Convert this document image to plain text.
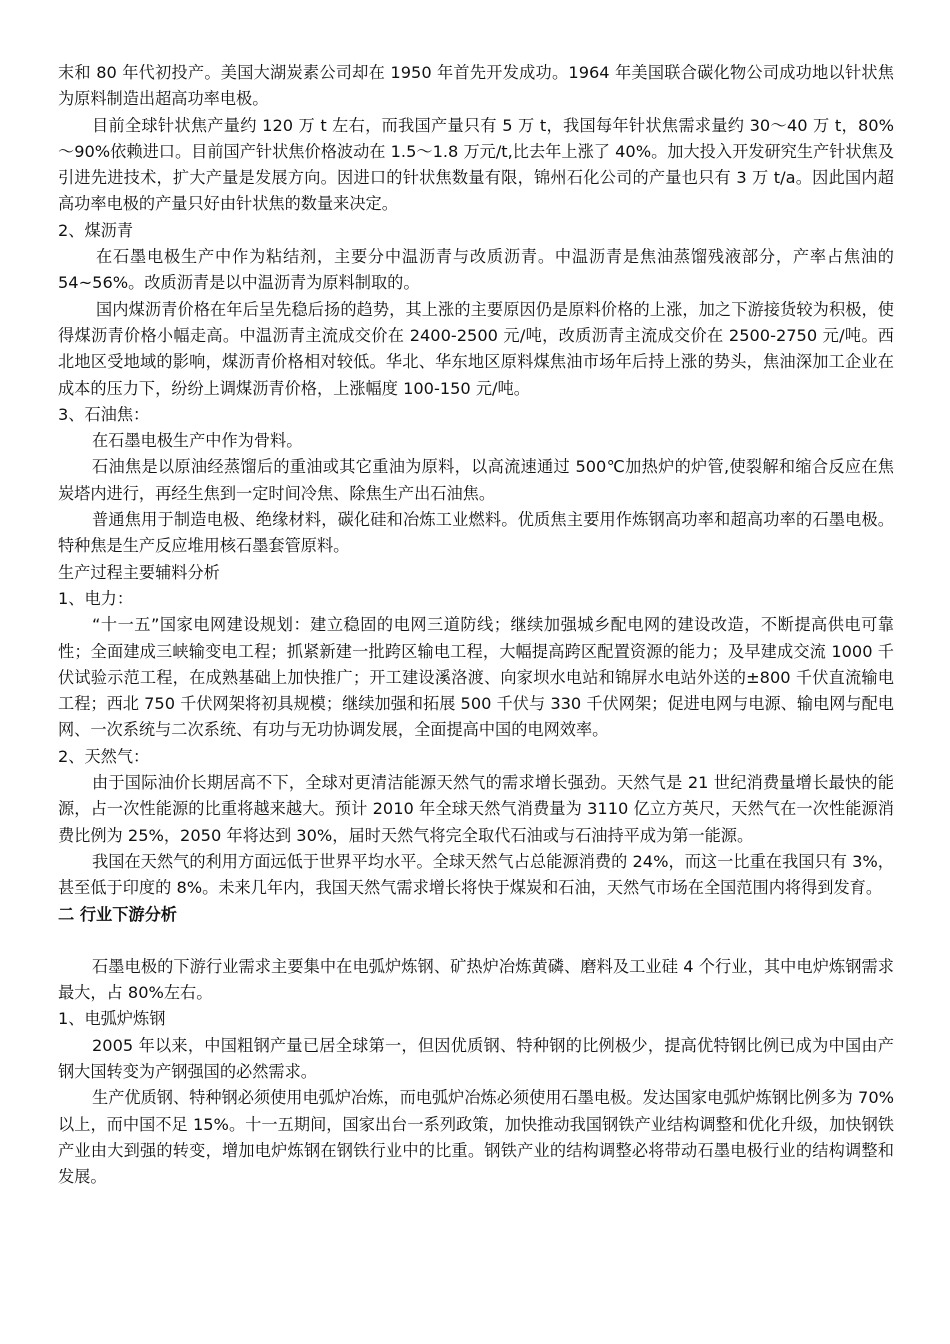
末和 80 年代初投产。美国大湖炭素公司却在 1950 年首先开发成功。1964 年美国联合碳化物公司成功地以针状焦为原料制造出超高功率电极。

目前全球针状焦产量约 120 万 t 左右，而我国产量只有 5 万 t，我国每年针状焦需求量约 30～40 万 t，80%～90%依赖进口。目前国产针状焦价格波动在 1.5～1.8 万元/t,比去年上涨了 40%。加大投入开发研究生产针状焦及引进先进技术，扩大产量是发展方向。因进口的针状焦数量有限，锦州石化公司的产量也只有 3 万 t/a。因此国内超高功率电极的产量只好由针状焦的数量来决定。

2、煤沥青

在石墨电极生产中作为粘结剂，主要分中温沥青与改质沥青。中温沥青是焦油蒸馏残液部分，产率占焦油的 54~56%。改质沥青是以中温沥青为原料制取的。

国内煤沥青价格在年后呈先稳后扬的趋势，其上涨的主要原因仍是原料价格的上涨，加之下游接货较为积极，使得煤沥青价格小幅走高。中温沥青主流成交价在 2400-2500 元/吨，改质沥青主流成交价在 2500-2750 元/吨。西北地区受地域的影响，煤沥青价格相对较低。华北、华东地区原料煤焦油市场年后持上涨的势头，焦油深加工企业在成本的压力下，纷纷上调煤沥青价格，上涨幅度 100-150 元/吨。

3、石油焦：

在石墨电极生产中作为骨料。

石油焦是以原油经蒸馏后的重油或其它重油为原料，以高流速通过 500℃加热炉的炉管,使裂解和缩合反应在焦炭塔内进行，再经生焦到一定时间冷焦、除焦生产出石油焦。

普通焦用于制造电极、绝缘材料，碳化硅和冶炼工业燃料。优质焦主要用作炼钢高功率和超高功率的石墨电极。特种焦是生产反应堆用核石墨套管原料。

生产过程主要辅料分析

1、电力：

“十一五”国家电网建设规划：建立稳固的电网三道防线；继续加强城乡配电网的建设改造，不断提高供电可靠性；全面建成三峡输变电工程；抓紧新建一批跨区输电工程，大幅提高跨区配置资源的能力；及早建成交流 1000 千伏试验示范工程，在成熟基础上加快推广；开工建设溪洛渡、向家坝水电站和锦屏水电站外送的±800 千伏直流输电工程；西北 750 千伏网架将初具规模；继续加强和拓展 500 千伏与 330 千伏网架；促进电网与电源、输电网与配电网、一次系统与二次系统、有功与无功协调发展，全面提高中国的电网效率。

2、天然气：

由于国际油价长期居高不下，全球对更清洁能源天然气的需求增长强劲。天然气是 21 世纪消费量增长最快的能源，占一次性能源的比重将越来越大。预计 2010 年全球天然气消费量为 3110 亿立方英尺，天然气在一次性能源消费比例为 25%，2050 年将达到 30%，届时天然气将完全取代石油或与石油持平成为第一能源。

我国在天然气的利用方面远低于世界平均水平。全球天然气占总能源消费的 24%，而这一比重在我国只有 3%，甚至低于印度的 8%。未来几年内，我国天然气需求增长将快于煤炭和石油，天然气市场在全国范围内将得到发育。

二 行业下游分析

石墨电极的下游行业需求主要集中在电弧炉炼钢、矿热炉冶炼黄磷、磨料及工业硅 4 个行业，其中电炉炼钢需求最大，占 80%左右。

1、电弧炉炼钢

2005 年以来，中国粗钢产量已居全球第一，但因优质钢、特种钢的比例极少，提高优特钢比例已成为中国由产钢大国转变为产钢强国的必然需求。

生产优质钢、特种钢必须使用电弧炉冶炼，而电弧炉冶炼必须使用石墨电极。发达国家电弧炉炼钢比例多为 70%以上，而中国不足 15%。十一五期间，国家出台一系列政策，加快推动我国钢铁产业结构调整和优化升级，加快钢铁产业由大到强的转变，增加电炉炼钢在钢铁行业中的比重。钢铁产业的结构调整必将带动石墨电极行业的结构调整和发展。
